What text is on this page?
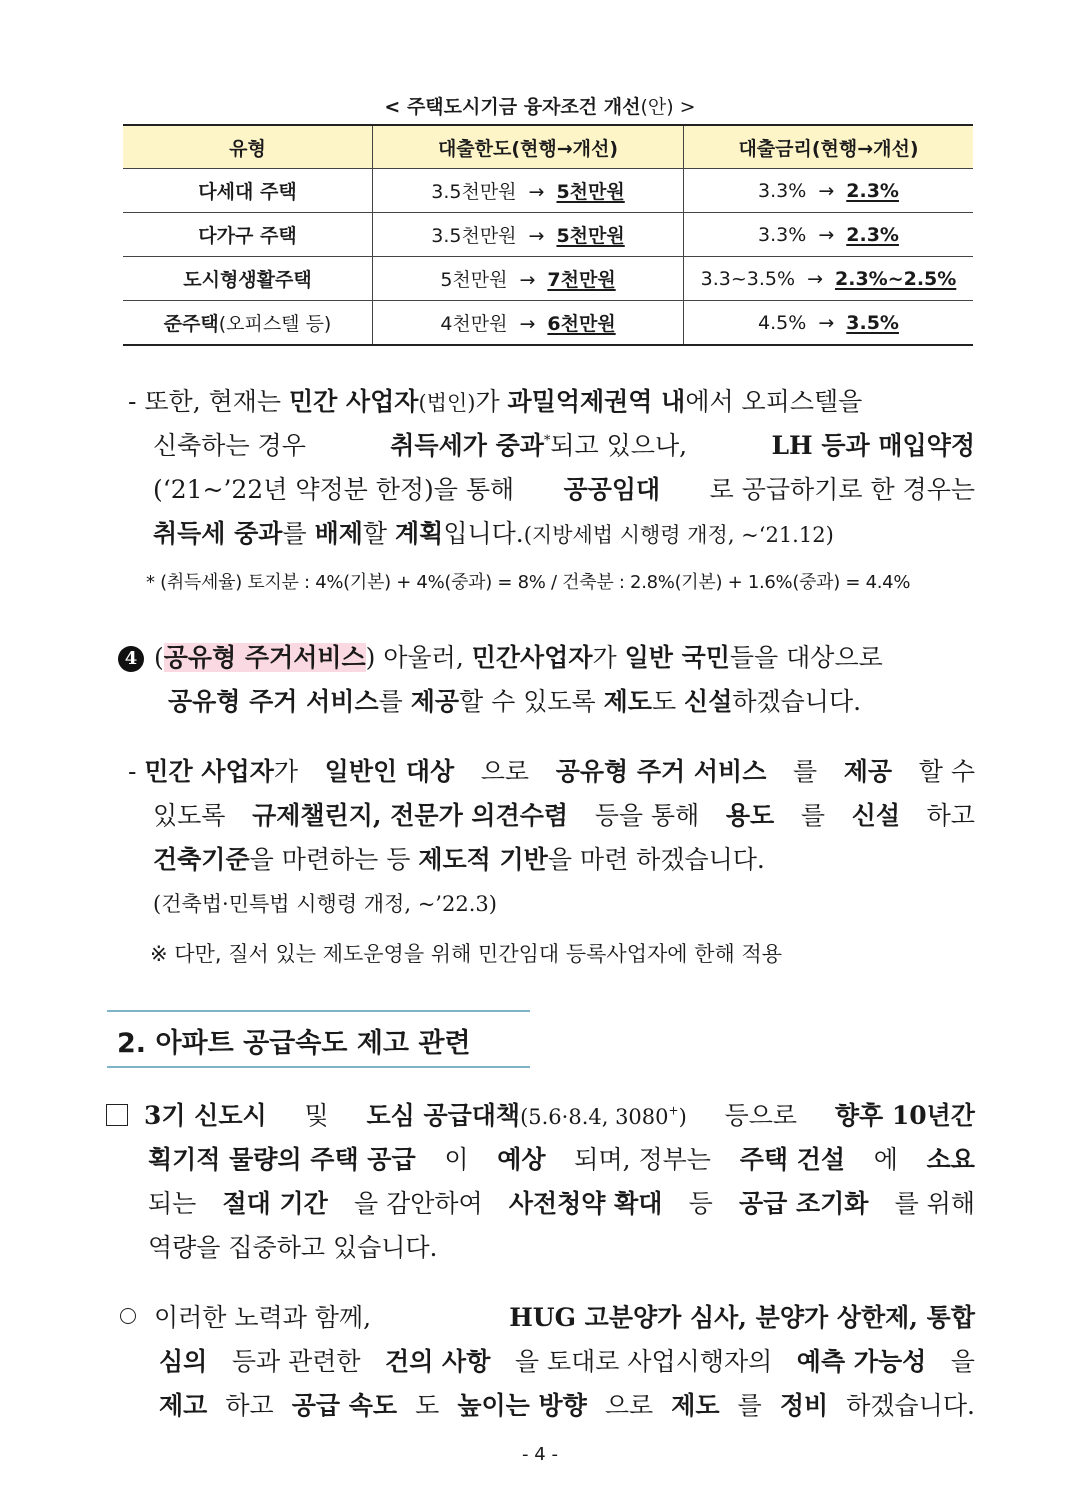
< 주택도시기금 융자조건 개선(안) >
유형	대출한도(현행→개선)	대출금리(현행→개선)
다세대 주택	3.5천만원 → 5천만원	3.3% → 2.3%
다가구 주택	3.5천만원 → 5천만원	3.3% → 2.3%
도시형생활주택	5천만원 → 7천만원	3.3~3.5% → 2.3%~2.5%
준주택(오피스텔 등)	4천만원 → 6천만원	4.5% → 3.5%
- 또한, 현재는 민간 사업자(법인)가 과밀억제권역 내에서 오피스텔을
신축하는 경우	취득세가 중과*되고 있으나,	LH 등과 매입약정
(‘21~’22년 약정분 한정)을 통해 공공임대 로 공급하기로 한 경우는
취득세 중과를 배제할 계획입니다.(지방세법 시행령 개정, ~‘21.12)
* (취득세율) 토지분 : 4%(기본) + 4%(중과) = 8% / 건축분 : 2.8%(기본) + 1.6%(중과) = 4.4%
4 (공유형 주거서비스) 아울러, 민간사업자가 일반 국민들을 대상으로
공유형 주거 서비스를 제공할 수 있도록 제도도 신설하겠습니다.
- 민간 사업자가 일반인 대상 으로 공유형 주거 서비스 를 제공 할 수
있도록 규제챌린지, 전문가 의견수렴 등을 통해 용도 를 신설 하고
건축기준을 마련하는 등 제도적 기반을 마련 하겠습니다.
(건축법·민특법 시행령 개정, ~’22.3)
※ 다만, 질서 있는 제도운영을 위해 민간임대 등록사업자에 한해 적용
2. 아파트 공급속도 제고 관련
3기 신도시 및 도심 공급대책(5.6·8.4, 3080+) 등으로 향후 10년간
획기적 물량의 주택 공급 이 예상 되며, 정부는 주택 건설 에 소요
되는 절대 기간 을 감안하여 사전청약 확대 등 공급 조기화 를 위해
역량을 집중하고 있습니다.
이러한 노력과 함께,	HUG 고분양가 심사, 분양가 상한제, 통합
심의 등과 관련한 건의 사항 을 토대로 사업시행자의 예측 가능성 을
제고 하고 공급 속도 도 높이는 방향 으로 제도 를 정비 하겠습니다.
- 4 -
